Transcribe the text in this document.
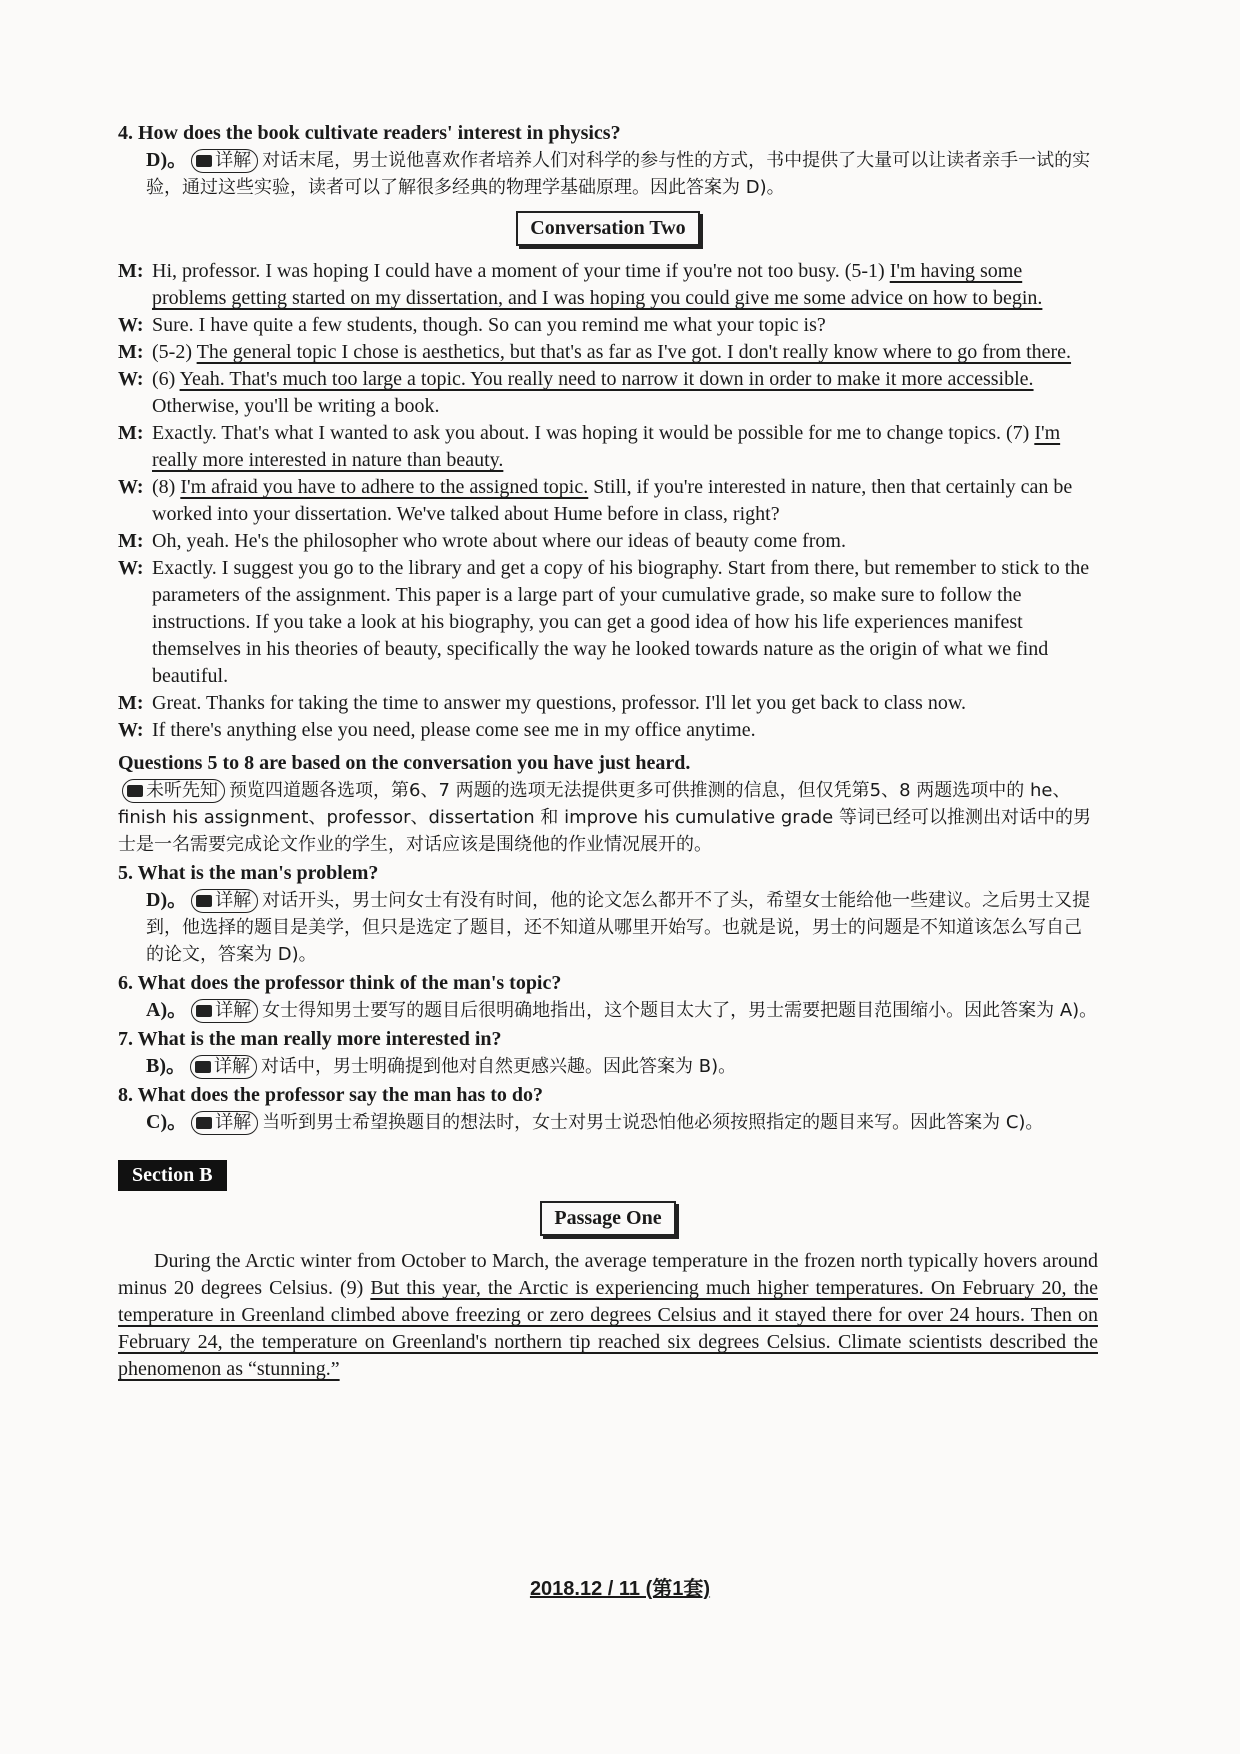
4. How does the book cultivate readers' interest in physics?
D)。 详解 对话末尾，男士说他喜欢作者培养人们对科学的参与性的方式，书中提供了大量可以让读者亲手一试的实验，通过这些实验，读者可以了解很多经典的物理学基础原理。因此答案为 D)。
Conversation Two
M: Hi, professor. I was hoping I could have a moment of your time if you're not too busy. (5-1) I'm having some problems getting started on my dissertation, and I was hoping you could give me some advice on how to begin.
W: Sure. I have quite a few students, though. So can you remind me what your topic is?
M: (5-2) The general topic I chose is aesthetics, but that's as far as I've got. I don't really know where to go from there.
W: (6) Yeah. That's much too large a topic. You really need to narrow it down in order to make it more accessible. Otherwise, you'll be writing a book.
M: Exactly. That's what I wanted to ask you about. I was hoping it would be possible for me to change topics. (7) I'm really more interested in nature than beauty.
W: (8) I'm afraid you have to adhere to the assigned topic. Still, if you're interested in nature, then that certainly can be worked into your dissertation. We've talked about Hume before in class, right?
M: Oh, yeah. He's the philosopher who wrote about where our ideas of beauty come from.
W: Exactly. I suggest you go to the library and get a copy of his biography. Start from there, but remember to stick to the parameters of the assignment. This paper is a large part of your cumulative grade, so make sure to follow the instructions. If you take a look at his biography, you can get a good idea of how his life experiences manifest themselves in his theories of beauty, specifically the way he looked towards nature as the origin of what we find beautiful.
M: Great. Thanks for taking the time to answer my questions, professor. I'll let you get back to class now.
W: If there's anything else you need, please come see me in my office anytime.
Questions 5 to 8 are based on the conversation you have just heard.
未听先知 预览四道题各选项，第6、7 两题的选项无法提供更多可供推测的信息，但仅凭第5、8 两题选项中的 he、finish his assignment、professor、dissertation 和 improve his cumulative grade 等词已经可以推测出对话中的男士是一名需要完成论文作业的学生，对话应该是围绕他的作业情况展开的。
5. What is the man's problem?
D)。 详解 对话开头，男士问女士有没有时间，他的论文怎么都开不了头，希望女士能给他一些建议。之后男士又提到，他选择的题目是美学，但只是选定了题目，还不知道从哪里开始写。也就是说，男士的问题是不知道该怎么写自己的论文，答案为 D)。
6. What does the professor think of the man's topic?
A)。 详解 女士得知男士要写的题目后很明确地指出，这个题目太大了，男士需要把题目范围缩小。因此答案为 A)。
7. What is the man really more interested in?
B)。 详解 对话中，男士明确提到他对自然更感兴趣。因此答案为 B)。
8. What does the professor say the man has to do?
C)。 详解 当听到男士希望换题目的想法时，女士对男士说恐怕他必须按照指定的题目来写。因此答案为 C)。
Section B
Passage One
During the Arctic winter from October to March, the average temperature in the frozen north typically hovers around minus 20 degrees Celsius. (9) But this year, the Arctic is experiencing much higher temperatures. On February 20, the temperature in Greenland climbed above freezing or zero degrees Celsius and it stayed there for over 24 hours. Then on February 24, the temperature on Greenland's northern tip reached six degrees Celsius. Climate scientists described the phenomenon as “stunning.”
2018.12 / 11 (第1套)
